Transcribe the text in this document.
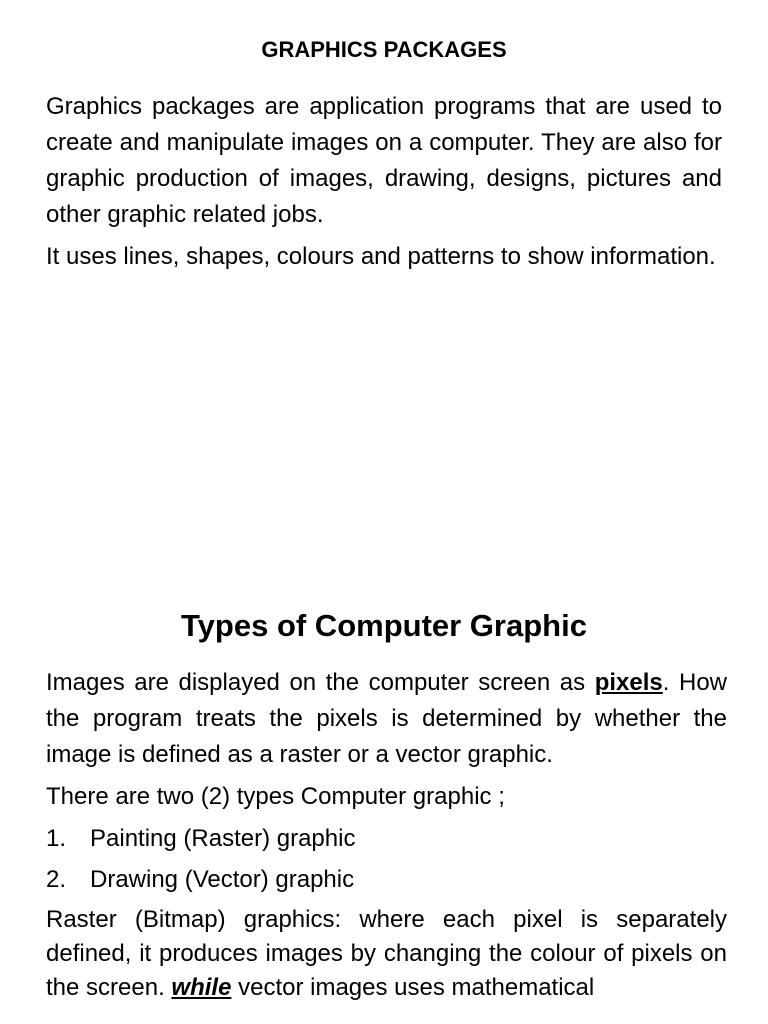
GRAPHICS PACKAGES

Graphics packages are application programs that are used to create and manipulate images on a computer. They are also for graphic production of images, drawing, designs, pictures and other graphic related jobs.

It uses lines, shapes, colours and patterns to show information.

Types of Computer Graphic

Images are displayed on the computer screen as pixels. How the program treats the pixels is determined by whether the image is defined as a raster or a vector graphic.

There are two (2) types Computer graphic ;

1. Painting (Raster) graphic
2. Drawing (Vector) graphic

Raster (Bitmap) graphics: where each pixel is separately defined, it produces images by changing the colour of pixels on the screen. while vector images uses mathematical
